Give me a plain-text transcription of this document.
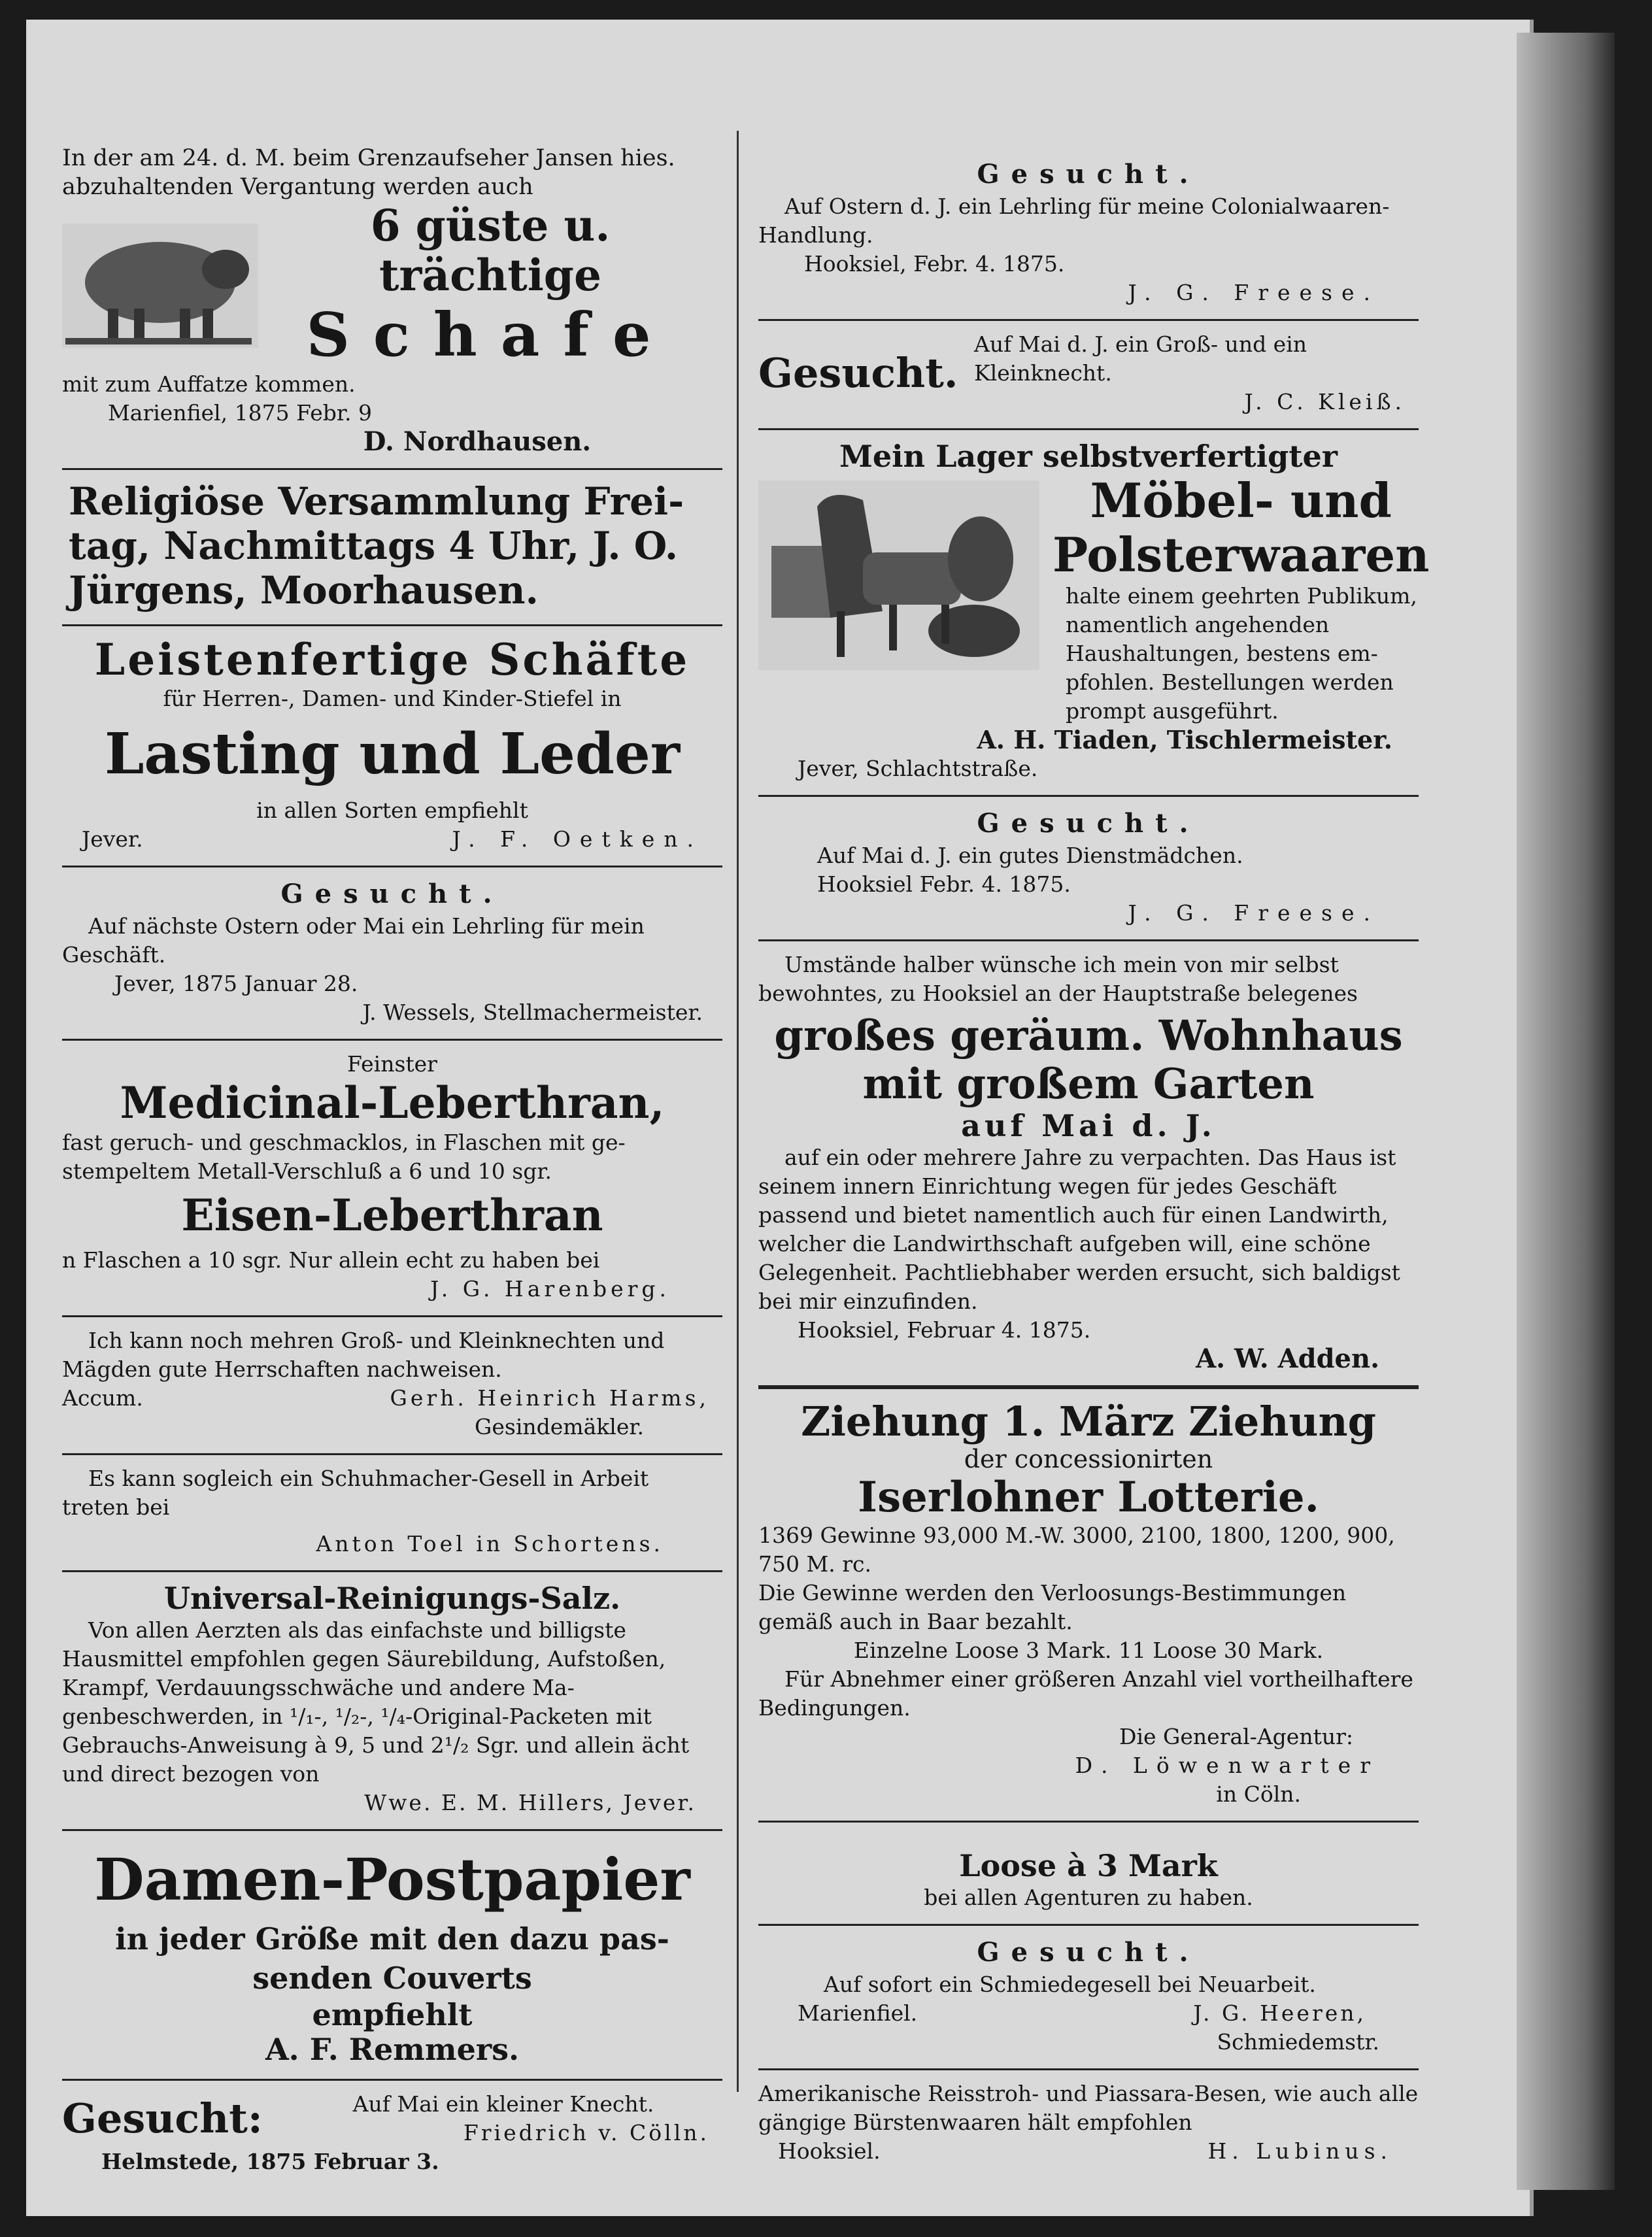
In der am 24. d. M. beim Grenzaufseher Jansen hies. abzuhaltenden Vergantung werden auch

6 güste u. trächtige

Schafe

mit zum Auffatze kommen.

Marienfiel, 1875 Febr. 9

D. Nordhausen.

Religiöse Versammlung Freitag, Nachmittags 4 Uhr, J. O. Jürgens, Moorhausen.

Leistenfertige Schäfte

für Herren-, Damen- und Kinder-Stiefel in

Lasting und Leder

in allen Sorten empfiehlt

Jever.	J. F. Oetken.

Gesucht.

Auf nächste Ostern oder Mai ein Lehrling für mein Geschäft.

Jever, 1875 Januar 28.

J. Wessels, Stellmachermeister.

Feinster

Medicinal-Leberthran,

fast geruch- und geschmacklos, in Flaschen mit gestempeltem Metall-Verschluß a 6 und 10 sgr.

Eisen-Leberthran

n Flaschen a 10 sgr. Nur allein echt zu haben bei

J. G. Harenberg.

Ich kann noch mehren Groß- und Kleinknechten und Mägden gute Herrschaften nachweisen.

Accum.	Gerh. Heinrich Harms,

Gesindemäkler.

Es kann sogleich ein Schuhmacher-Gesell in Arbeit treten bei

Anton Toel in Schortens.

Universal-Reinigungs-Salz.

Von allen Aerzten als das einfachste und billigste Hausmittel empfohlen gegen Säurebildung, Aufstoßen, Krampf, Verdauungsschwäche und andere Magenbeschwerden, in ¹/₁-, ¹/₂-, ¹/₄-Original-Packeten mit Gebrauchs-Anweisung à 9, 5 und 2¹/₂ Sgr. und allein ächt und direct bezogen von

Wwe. E. M. Hillers, Jever.

Damen-Postpapier

in jeder Größe mit den dazu passenden Couverts

empfiehlt

A. F. Remmers.

Gesucht:	Auf Mai ein kleiner Knecht.

Friedrich v. Cölln.

Helmstede, 1875 Februar 3.

Gesucht.

Auf Ostern d. J. ein Lehrling für meine Colonialwaaren-Handlung.

Hooksiel, Febr. 4. 1875.

J. G. Freese.

Gesucht.

Auf Mai d. J. ein Groß- und ein Kleinknecht.

J. C. Kleiß.

Mein Lager selbstverfertigter

Möbel- und

Polsterwaaren

halte einem geehrten Publikum, namentlich angehenden Haushaltungen, bestens empfohlen. Bestellungen werden prompt ausgeführt.

A. H. Tiaden, Tischlermeister.

Jever, Schlachtstraße.

Gesucht.

Auf Mai d. J. ein gutes Dienstmädchen.

Hooksiel Febr. 4. 1875.

J. G. Freese.

Umstände halber wünsche ich mein von mir selbst bewohntes, zu Hooksiel an der Hauptstraße belegenes

großes geräum. Wohnhaus

mit großem Garten

auf Mai d. J.

auf ein oder mehrere Jahre zu verpachten. Das Haus ist seinem innern Einrichtung wegen für jedes Geschäft passend und bietet namentlich auch für einen Landwirth, welcher die Landwirthschaft aufgeben will, eine schöne Gelegenheit. Pachtliebhaber werden ersucht, sich baldigst bei mir einzufinden.

Hooksiel, Februar 4. 1875.

A. W. Adden.

Ziehung 1. März Ziehung

der concessionirten

Iserlohner Lotterie.

1369 Gewinne 93,000 M.-W. 3000, 2100, 1800, 1200, 900, 750 M. rc.

Die Gewinne werden den Verloosungs-Bestimmungen gemäß auch in Baar bezahlt.

Einzelne Loose 3 Mark. 11 Loose 30 Mark.

Für Abnehmer einer größeren Anzahl viel vortheilhaftere Bedingungen.

Die General-Agentur:

D. Löwenwarter

in Cöln.

Loose à 3 Mark

bei allen Agenturen zu haben.

Gesucht.

Auf sofort ein Schmiedegesell bei Neuarbeit.

Marienfiel.	J. G. Heeren,

Schmiedemstr.

Amerikanische Reisstroh- und Piassara-Besen, wie auch alle gängige Bürstenwaaren hält empfohlen

Hooksiel.	H. Lubinus.
